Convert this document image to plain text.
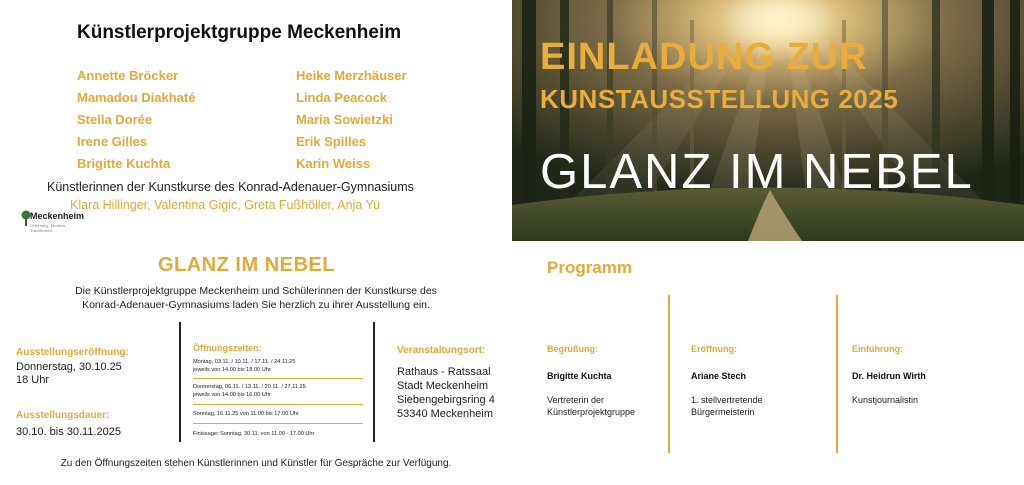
Künstlerprojektgruppe Meckenheim
Annette Bröcker
Mamadou Diakhaté
Stella Dorée
Irene Gilles
Brigitte Kuchta
Heike Merzhäuser
Linda Peacock
Maria Sowietzki
Erik Spilles
Karin Weiss
Künstlerinnen der Kunstkurse des Konrad-Adenauer-Gymnasiums
Klara Hillinger, Valentina Gigic, Greta Fußhöller, Anja Yu
Meckenheim
Lebendig. Modern. Traditionell.
EINLADUNG ZUR
KUNSTAUSSTELLUNG 2025
GLANZ IM NEBEL
GLANZ IM NEBEL
Die Künstlerprojektgruppe Meckenheim und Schülerinnen der Kunstkurse des
Konrad-Adenauer-Gymnasiums laden Sie herzlich zu ihrer Ausstellung ein.
Ausstellungseröffnung:
Donnerstag, 30.10.25
18 Uhr
Ausstellungsdauer:
30.10. bis 30.11.2025
Öffnungszeiten:
Montag, 03.11. / 10.11. / 17.11. / 24.11.25
jeweils von 14.00 bis 18.00 Uhr
Donnerstag, 06.11. / 13.11. / 20.11. / 27.11.25
jeweils von 14.00 bis 16.00 Uhr
Sonntag, 16.11.25 von 11.00 bis 17.00 Uhr
Finissage: Sonntag, 30.11. von 11.00 - 17.00 Uhr
Veranstaltungsort:
Rathaus - Ratssaal
Stadt Meckenheim
Siebengebirgsring 4
53340 Meckenheim
Zu den Öffnungszeiten stehen Künstlerinnen und Künstler für Gespräche zur Verfügung.
Programm
Begrüßung:
Brigitte Kuchta
Vertreterin der
Künstlerprojektgruppe
Eröffnung:
Ariane Stech
1. stellvertretende
Bürgermeisterin
Einführung:
Dr. Heidrun Wirth
Kunstjournalistin
